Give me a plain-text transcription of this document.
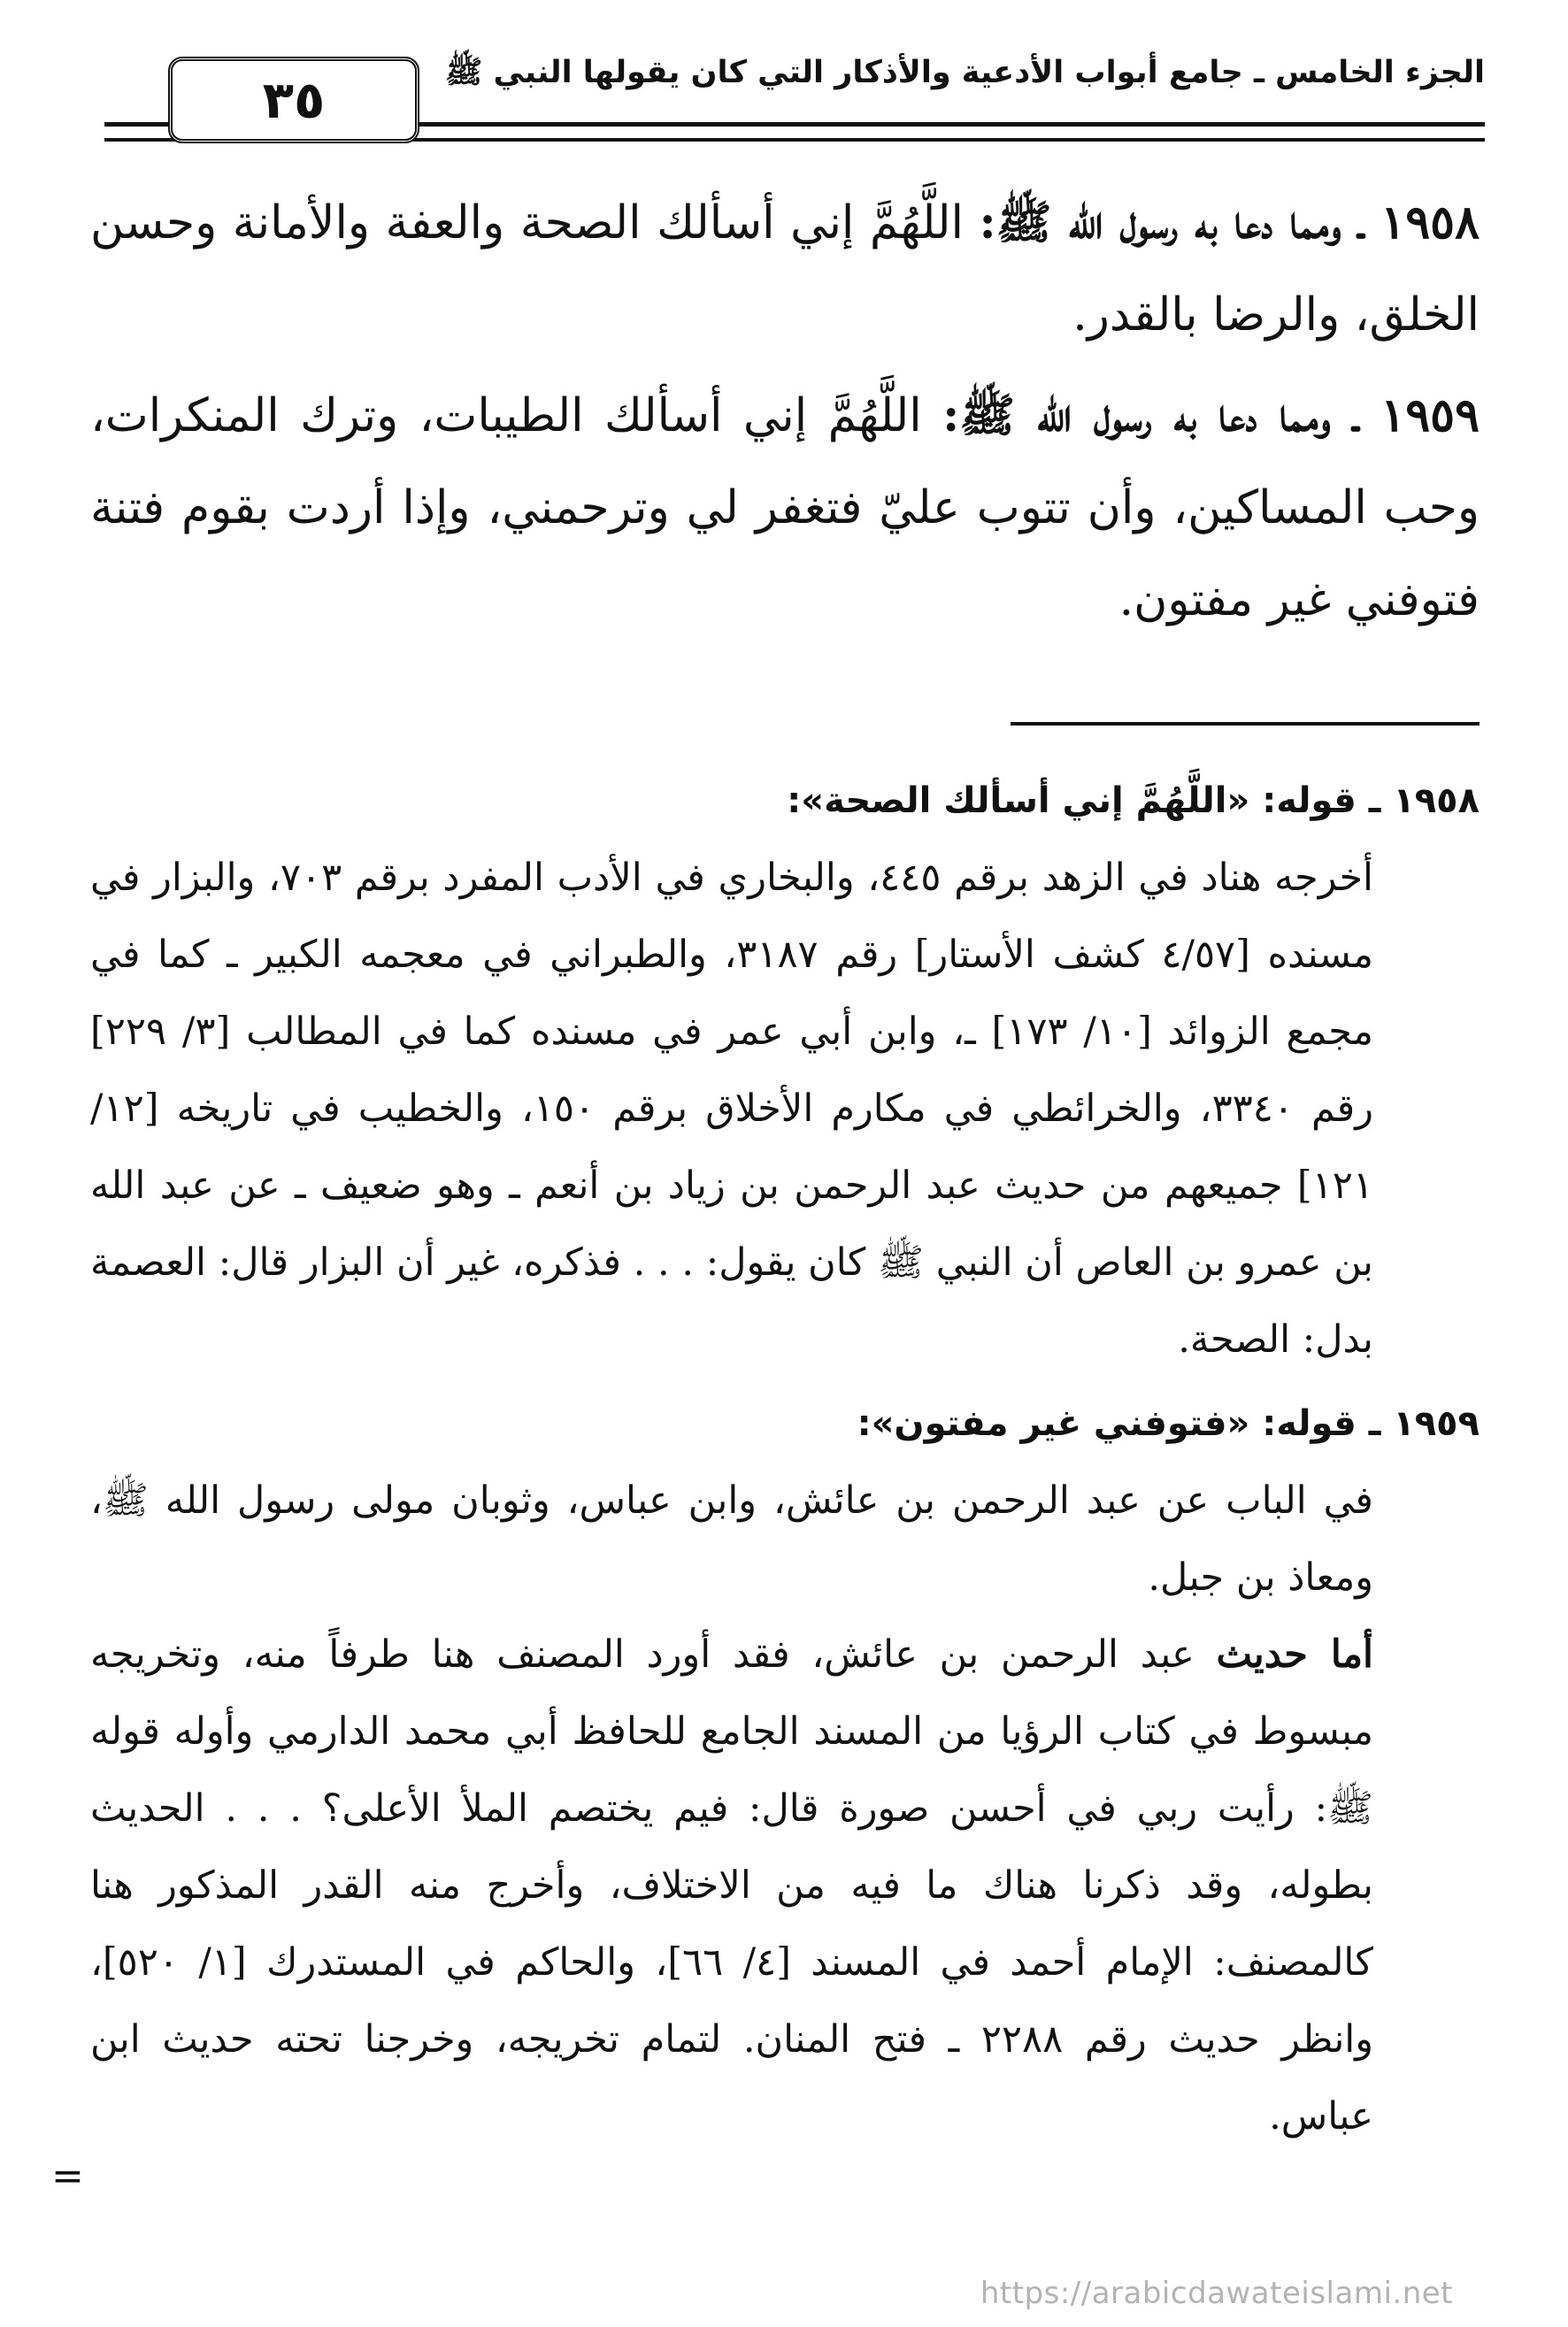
٣٥	الجزء الخامس ـ جامع أبواب الأدعية والأذكار التي كان يقولها النبي ﷺ

١٩٥٨ ـ ومما دعا به رسول الله ﷺ: اللَّهُمَّ إني أسألك الصحة والعفة والأمانة وحسن الخلق، والرضا بالقدر.

١٩٥٩ ـ ومما دعا به رسول الله ﷺ: اللَّهُمَّ إني أسألك الطيبات، وترك المنكرات، وحب المساكين، وأن تتوب عليّ فتغفر لي وترحمني، وإذا أردت بقوم فتنة فتوفني غير مفتون.

١٩٥٨ ـ قوله: «اللَّهُمَّ إني أسألك الصحة»:

أخرجه هناد في الزهد برقم ٤٤٥، والبخاري في الأدب المفرد برقم ٧٠٣، والبزار في مسنده [٤/٥٧ كشف الأستار] رقم ٣١٨٧، والطبراني في معجمه الكبير ـ كما في مجمع الزوائد [١٠/ ١٧٣] ـ، وابن أبي عمر في مسنده كما في المطالب [٣/ ٢٢٩] رقم ٣٣٤٠، والخرائطي في مكارم الأخلاق برقم ١٥٠، والخطيب في تاريخه [١٢/ ١٢١] جميعهم من حديث عبد الرحمن بن زياد بن أنعم ـ وهو ضعيف ـ عن عبد الله بن عمرو بن العاص أن النبي ﷺ كان يقول: . . . فذكره، غير أن البزار قال: العصمة بدل: الصحة.

١٩٥٩ ـ قوله: «فتوفني غير مفتون»:

في الباب عن عبد الرحمن بن عائش، وابن عباس، وثوبان مولى رسول الله ﷺ، ومعاذ بن جبل.

أما حديث عبد الرحمن بن عائش، فقد أورد المصنف هنا طرفاً منه، وتخريجه مبسوط في كتاب الرؤيا من المسند الجامع للحافظ أبي محمد الدارمي وأوله قوله ﷺ: رأيت ربي في أحسن صورة قال: فيم يختصم الملأ الأعلى؟ . . . الحديث بطوله، وقد ذكرنا هناك ما فيه من الاختلاف، وأخرج منه القدر المذكور هنا كالمصنف: الإمام أحمد في المسند [٤/ ٦٦]، والحاكم في المستدرك [١/ ٥٢٠]، وانظر حديث رقم ٢٢٨٨ ـ فتح المنان. لتمام تخريجه، وخرجنا تحته حديث ابن عباس.

=
https://arabicdawateislami.net
